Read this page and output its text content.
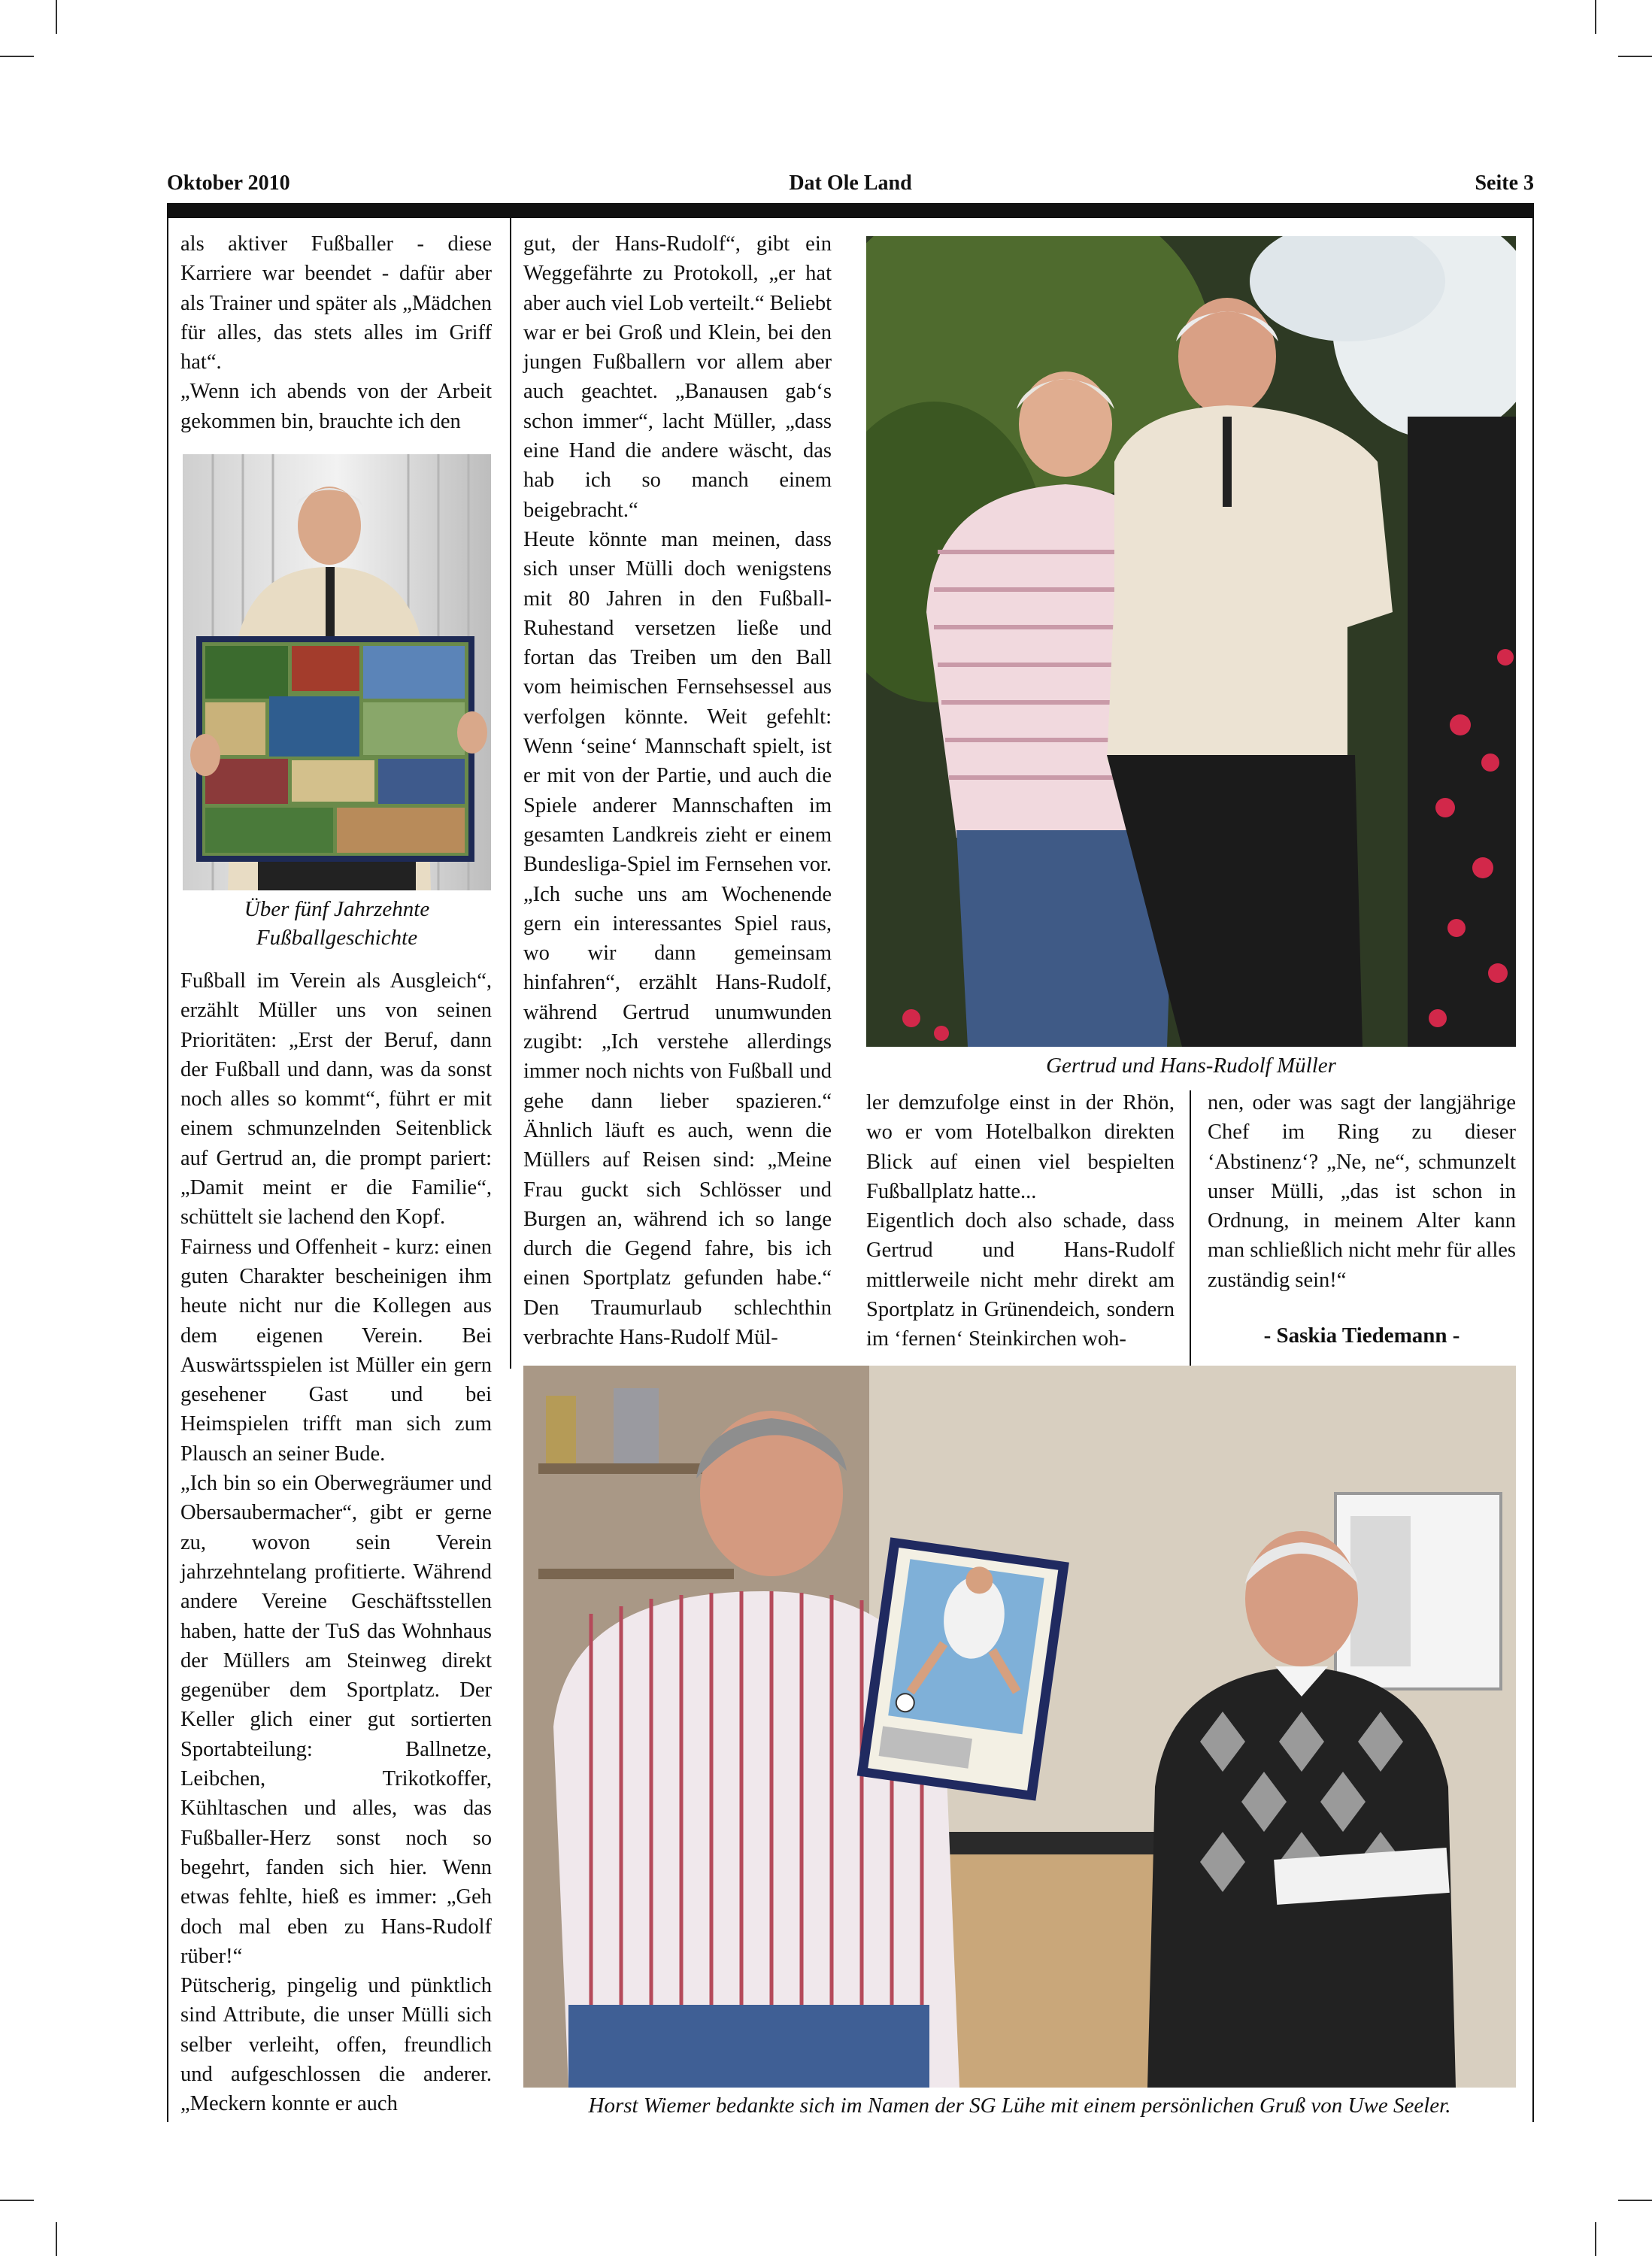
Oktober 2010	Dat Ole Land	Seite 3

als aktiver Fußballer - diese Karriere war beendet - dafür aber als Trainer und später als „Mädchen für alles, das stets alles im Griff hat“.

„Wenn ich abends von der Arbeit gekommen bin, brauchte ich den

Über fünf Jahrzehnte Fußballgeschichte

Fußball im Verein als Ausgleich“, erzählt Müller uns von seinen Prioritäten: „Erst der Beruf, dann der Fußball und dann, was da sonst noch alles so kommt“, führt er mit einem schmunzelnden Seitenblick auf Gertrud an, die prompt pariert: „Damit meint er die Familie“, schüttelt sie lachend den Kopf.

Fairness und Offenheit - kurz: einen guten Charakter bescheinigen ihm heute nicht nur die Kollegen aus dem eigenen Verein. Bei Auswärtsspielen ist Müller ein gern gesehener Gast und bei Heimspielen trifft man sich zum Plausch an seiner Bude.

„Ich bin so ein Oberwegräumer und Obersaubermacher“, gibt er gerne zu, wovon sein Verein jahrzehntelang profitierte. Während andere Vereine Geschäftsstellen haben, hatte der TuS das Wohnhaus der Müllers am Steinweg direkt gegenüber dem Sportplatz. Der Keller glich einer gut sortierten Sportabteilung: Ballnetze, Leibchen, Trikotkoffer, Kühltaschen und alles, was das Fußballer-Herz sonst noch so begehrt, fanden sich hier. Wenn etwas fehlte, hieß es immer: „Geh doch mal eben zu Hans-Rudolf rüber!“

Pütscherig, pingelig und pünktlich sind Attribute, die unser Mülli sich selber verleiht, offen, freundlich und aufgeschlossen die anderer. „Meckern konnte er auch

gut, der Hans-Rudolf“, gibt ein Weggefährte zu Protokoll, „er hat aber auch viel Lob verteilt.“ Beliebt war er bei Groß und Klein, bei den jungen Fußballern vor allem aber auch geachtet. „Banausen gab‘s schon immer“, lacht Müller, „dass eine Hand die andere wäscht, das hab ich so manch einem beigebracht.“

Heute könnte man meinen, dass sich unser Mülli doch wenigstens mit 80 Jahren in den Fußball-Ruhestand versetzen ließe und fortan das Treiben um den Ball vom heimischen Fernsehsessel aus verfolgen könnte. Weit gefehlt: Wenn ‘seine‘ Mannschaft spielt, ist er mit von der Partie, und auch die Spiele anderer Mannschaften im gesamten Landkreis zieht er einem Bundesliga-Spiel im Fernsehen vor. „Ich suche uns am Wochenende gern ein interessantes Spiel raus, wo wir dann gemeinsam hinfahren“, erzählt Hans-Rudolf, während Gertrud unumwunden zugibt: „Ich verstehe allerdings immer noch nichts von Fußball und gehe dann lieber spazieren.“ Ähnlich läuft es auch, wenn die Müllers auf Reisen sind: „Meine Frau guckt sich Schlösser und Burgen an, während ich so lange durch die Gegend fahre, bis ich einen Sportplatz gefunden habe.“ Den Traumurlaub schlechthin verbrachte Hans-Rudolf Mül-

Gertrud und Hans-Rudolf Müller

ler demzufolge einst in der Rhön, wo er vom Hotelbalkon direkten Blick auf einen viel bespielten Fußballplatz hatte...

Eigentlich doch also schade, dass Gertrud und Hans-Rudolf mittlerweile nicht mehr direkt am Sportplatz in Grünendeich, sondern im ‘fernen‘ Steinkirchen woh-

nen, oder was sagt der langjährige Chef im Ring zu dieser ‘Abstinenz‘? „Ne, ne“, schmunzelt unser Mülli, „das ist schon in Ordnung, in meinem Alter kann man schließlich nicht mehr für alles zuständig sein!“

- Saskia Tiedemann -
Horst Wiemer bedankte sich im Namen der SG Lühe mit einem persönlichen Gruß von Uwe Seeler.
